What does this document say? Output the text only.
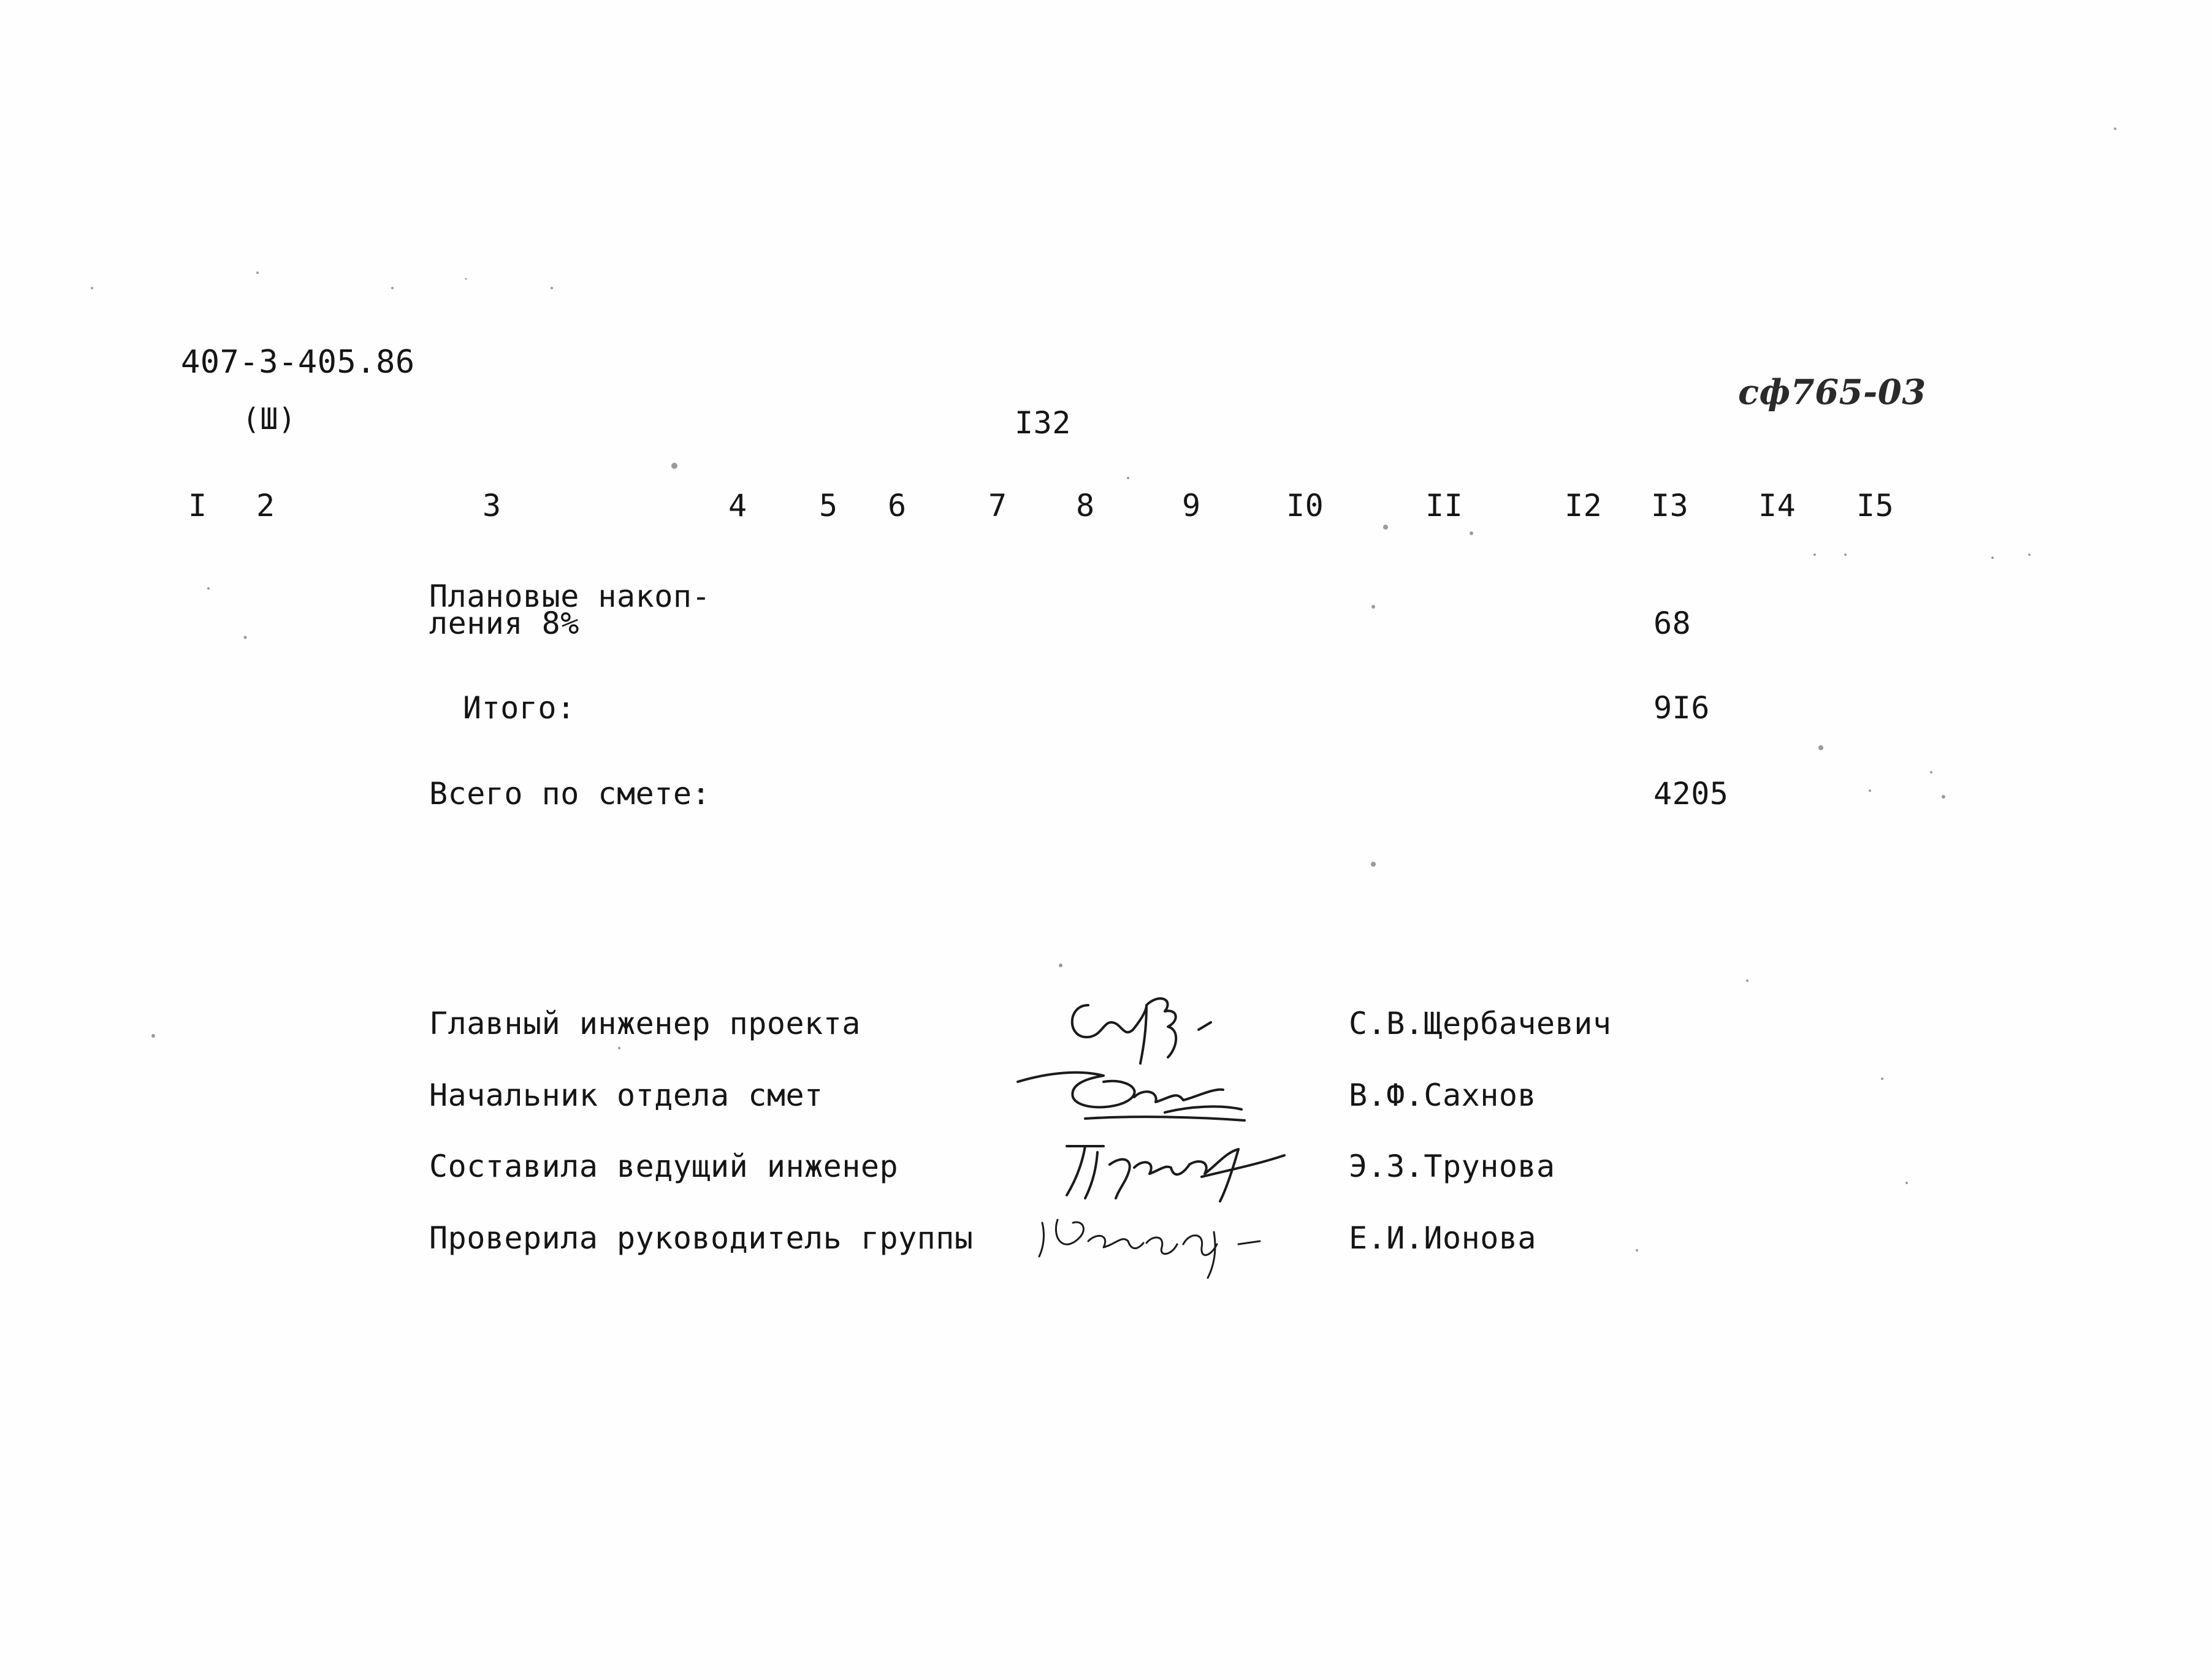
407-3-405.86
(Ш)	I32
сф765-03
I 2	3	4 5 6	7 8	9	I0	II	I2 I3 I4 I5
Плановые накоп-
ления 8%	68
Итого:	9I6
Всего по смете:	4205
Главный инженер проекта	С.В.Щербачевич
Начальник отдела смет	В.Ф.Сахнов
Составила ведущий инженер	Э.З.Трунова
Проверила руководитель группы	Е.И.Ионова
